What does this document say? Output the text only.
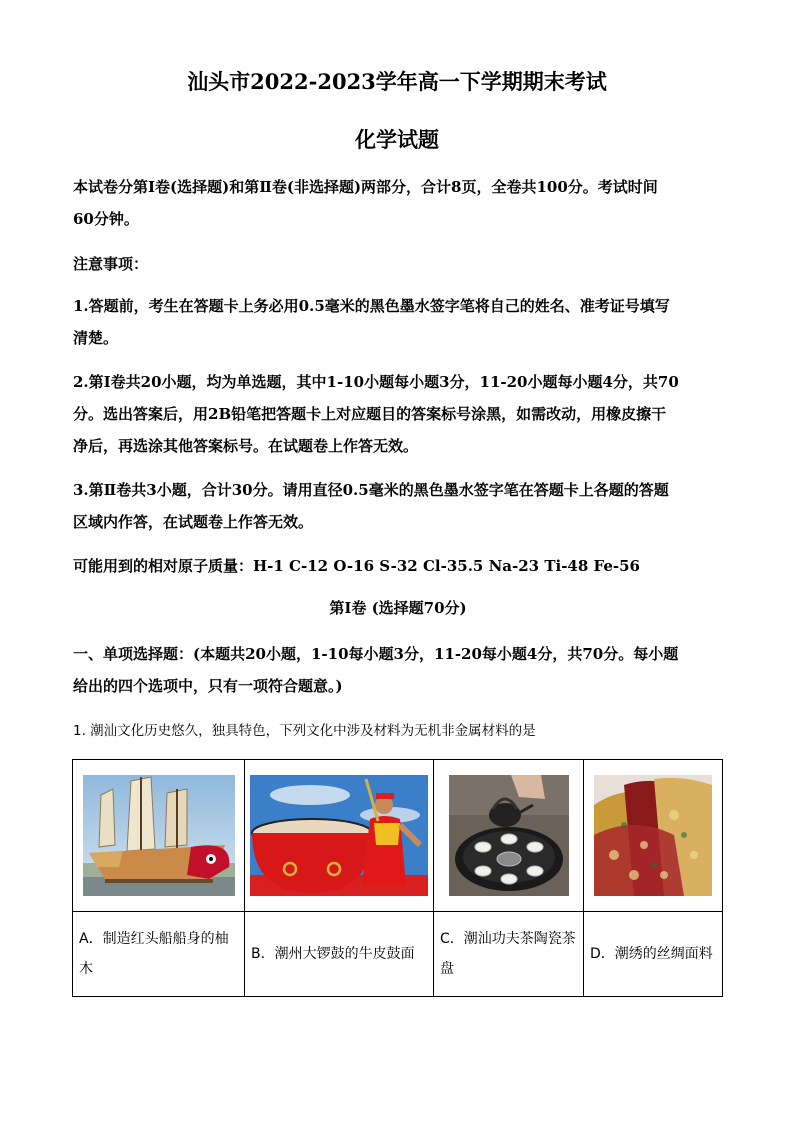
汕头市2022-2023学年高一下学期期末考试
化学试题
本试卷分第Ⅰ卷(选择题)和第Ⅱ卷(非选择题)两部分，合计8页，全卷共100分。考试时间
60分钟。
注意事项：
1.答题前，考生在答题卡上务必用0.5毫米的黑色墨水签字笔将自己的姓名、准考证号填写
清楚。
2.第Ⅰ卷共20小题，均为单选题，其中1-10小题每小题3分，11-20小题每小题4分，共70
分。选出答案后，用2B铅笔把答题卡上对应题目的答案标号涂黑，如需改动，用橡皮擦干
净后，再选涂其他答案标号。在试题卷上作答无效。
3.第Ⅱ卷共3小题，合计30分。请用直径0.5毫米的黑色墨水签字笔在答题卡上各题的答题
区域内作答，在试题卷上作答无效。
可能用到的相对原子质量：H-1 C-12 O-16 S-32 Cl-35.5 Na-23 Ti-48 Fe-56
第Ⅰ卷 (选择题70分)
一、单项选择题：(本题共20小题，1-10每小题3分，11-20每小题4分，共70分。每小题
给出的四个选项中，只有一项符合题意。)
1. 潮汕文化历史悠久，独具特色，下列文化中涉及材料为无机非金属材料的是

A．制造红头船船身的柚木	B．潮州大锣鼓的牛皮鼓面	C．潮汕功夫茶陶瓷茶盘	D．潮绣的丝绸面料
